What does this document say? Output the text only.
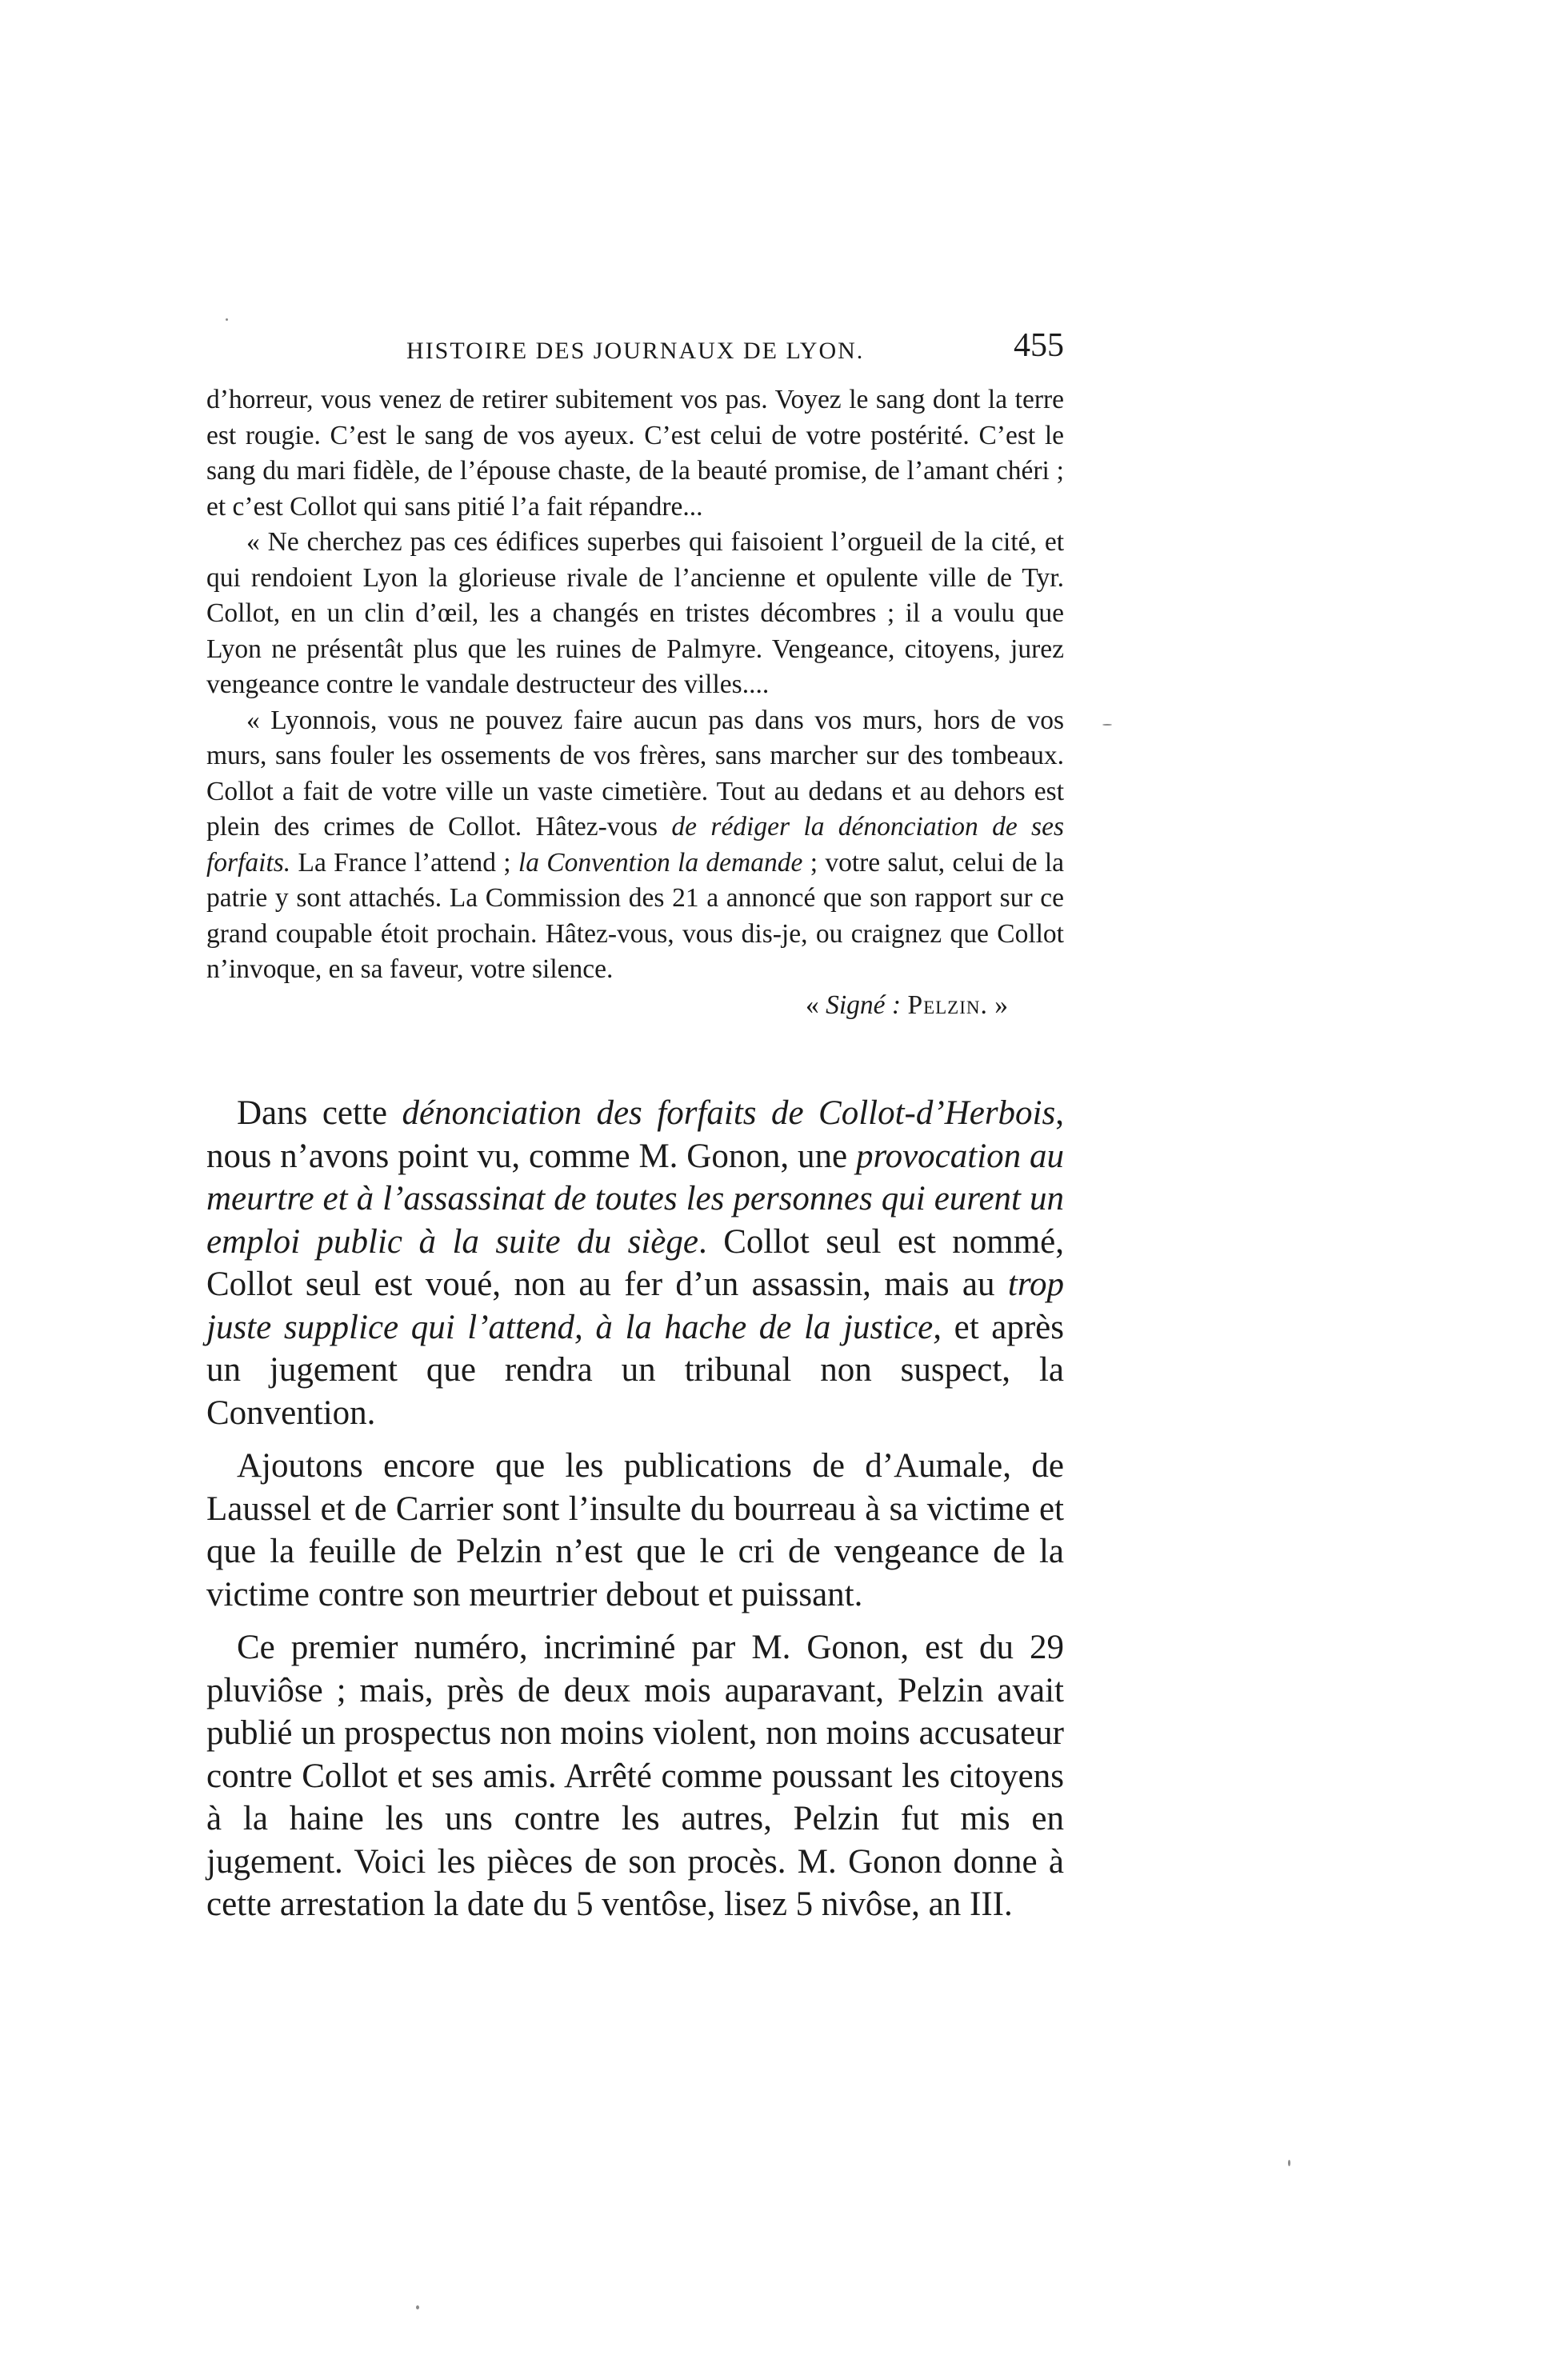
HISTOIRE DES JOURNAUX DE LYON.	455

d’horreur, vous venez de retirer subitement vos pas. Voyez le sang dont la terre est rougie. C’est le sang de vos ayeux. C’est celui de votre postérité. C’est le sang du mari fidèle, de l’épouse chaste, de la beauté promise, de l’amant chéri ; et c’est Collot qui sans pitié l’a fait répandre...

« Ne cherchez pas ces édifices superbes qui faisoient l’orgueil de la cité, et qui rendoient Lyon la glorieuse rivale de l’ancienne et opulente ville de Tyr. Collot, en un clin d’œil, les a changés en tristes décombres ; il a voulu que Lyon ne présentât plus que les ruines de Palmyre. Vengeance, citoyens, jurez vengeance contre le vandale destructeur des villes....

« Lyonnois, vous ne pouvez faire aucun pas dans vos murs, hors de vos murs, sans fouler les ossements de vos frères, sans marcher sur des tombeaux. Collot a fait de votre ville un vaste cimetière. Tout au dedans et au dehors est plein des crimes de Collot. Hâtez-vous de rédiger la dénonciation de ses forfaits. La France l’attend ; la Convention la demande ; votre salut, celui de la patrie y sont attachés. La Commission des 21 a annoncé que son rapport sur ce grand coupable étoit prochain. Hâtez-vous, vous dis-je, ou craignez que Collot n’invoque, en sa faveur, votre silence.

« Signé : Pelzin. »

Dans cette dénonciation des forfaits de Collot-d’Herbois, nous n’avons point vu, comme M. Gonon, une provocation au meurtre et à l’assassinat de toutes les personnes qui eurent un emploi public à la suite du siège. Collot seul est nommé, Collot seul est voué, non au fer d’un assassin, mais au trop juste supplice qui l’attend, à la hache de la justice, et après un jugement que rendra un tribunal non suspect, la Convention.

Ajoutons encore que les publications de d’Aumale, de Laussel et de Carrier sont l’insulte du bourreau à sa victime et que la feuille de Pelzin n’est que le cri de vengeance de la victime contre son meurtrier debout et puissant.

Ce premier numéro, incriminé par M. Gonon, est du 29 pluviôse ; mais, près de deux mois auparavant, Pelzin avait publié un prospectus non moins violent, non moins accusateur contre Collot et ses amis. Arrêté comme poussant les citoyens à la haine les uns contre les autres, Pelzin fut mis en jugement. Voici les pièces de son procès. M. Gonon donne à cette arrestation la date du 5 ventôse, lisez 5 nivôse, an III.
